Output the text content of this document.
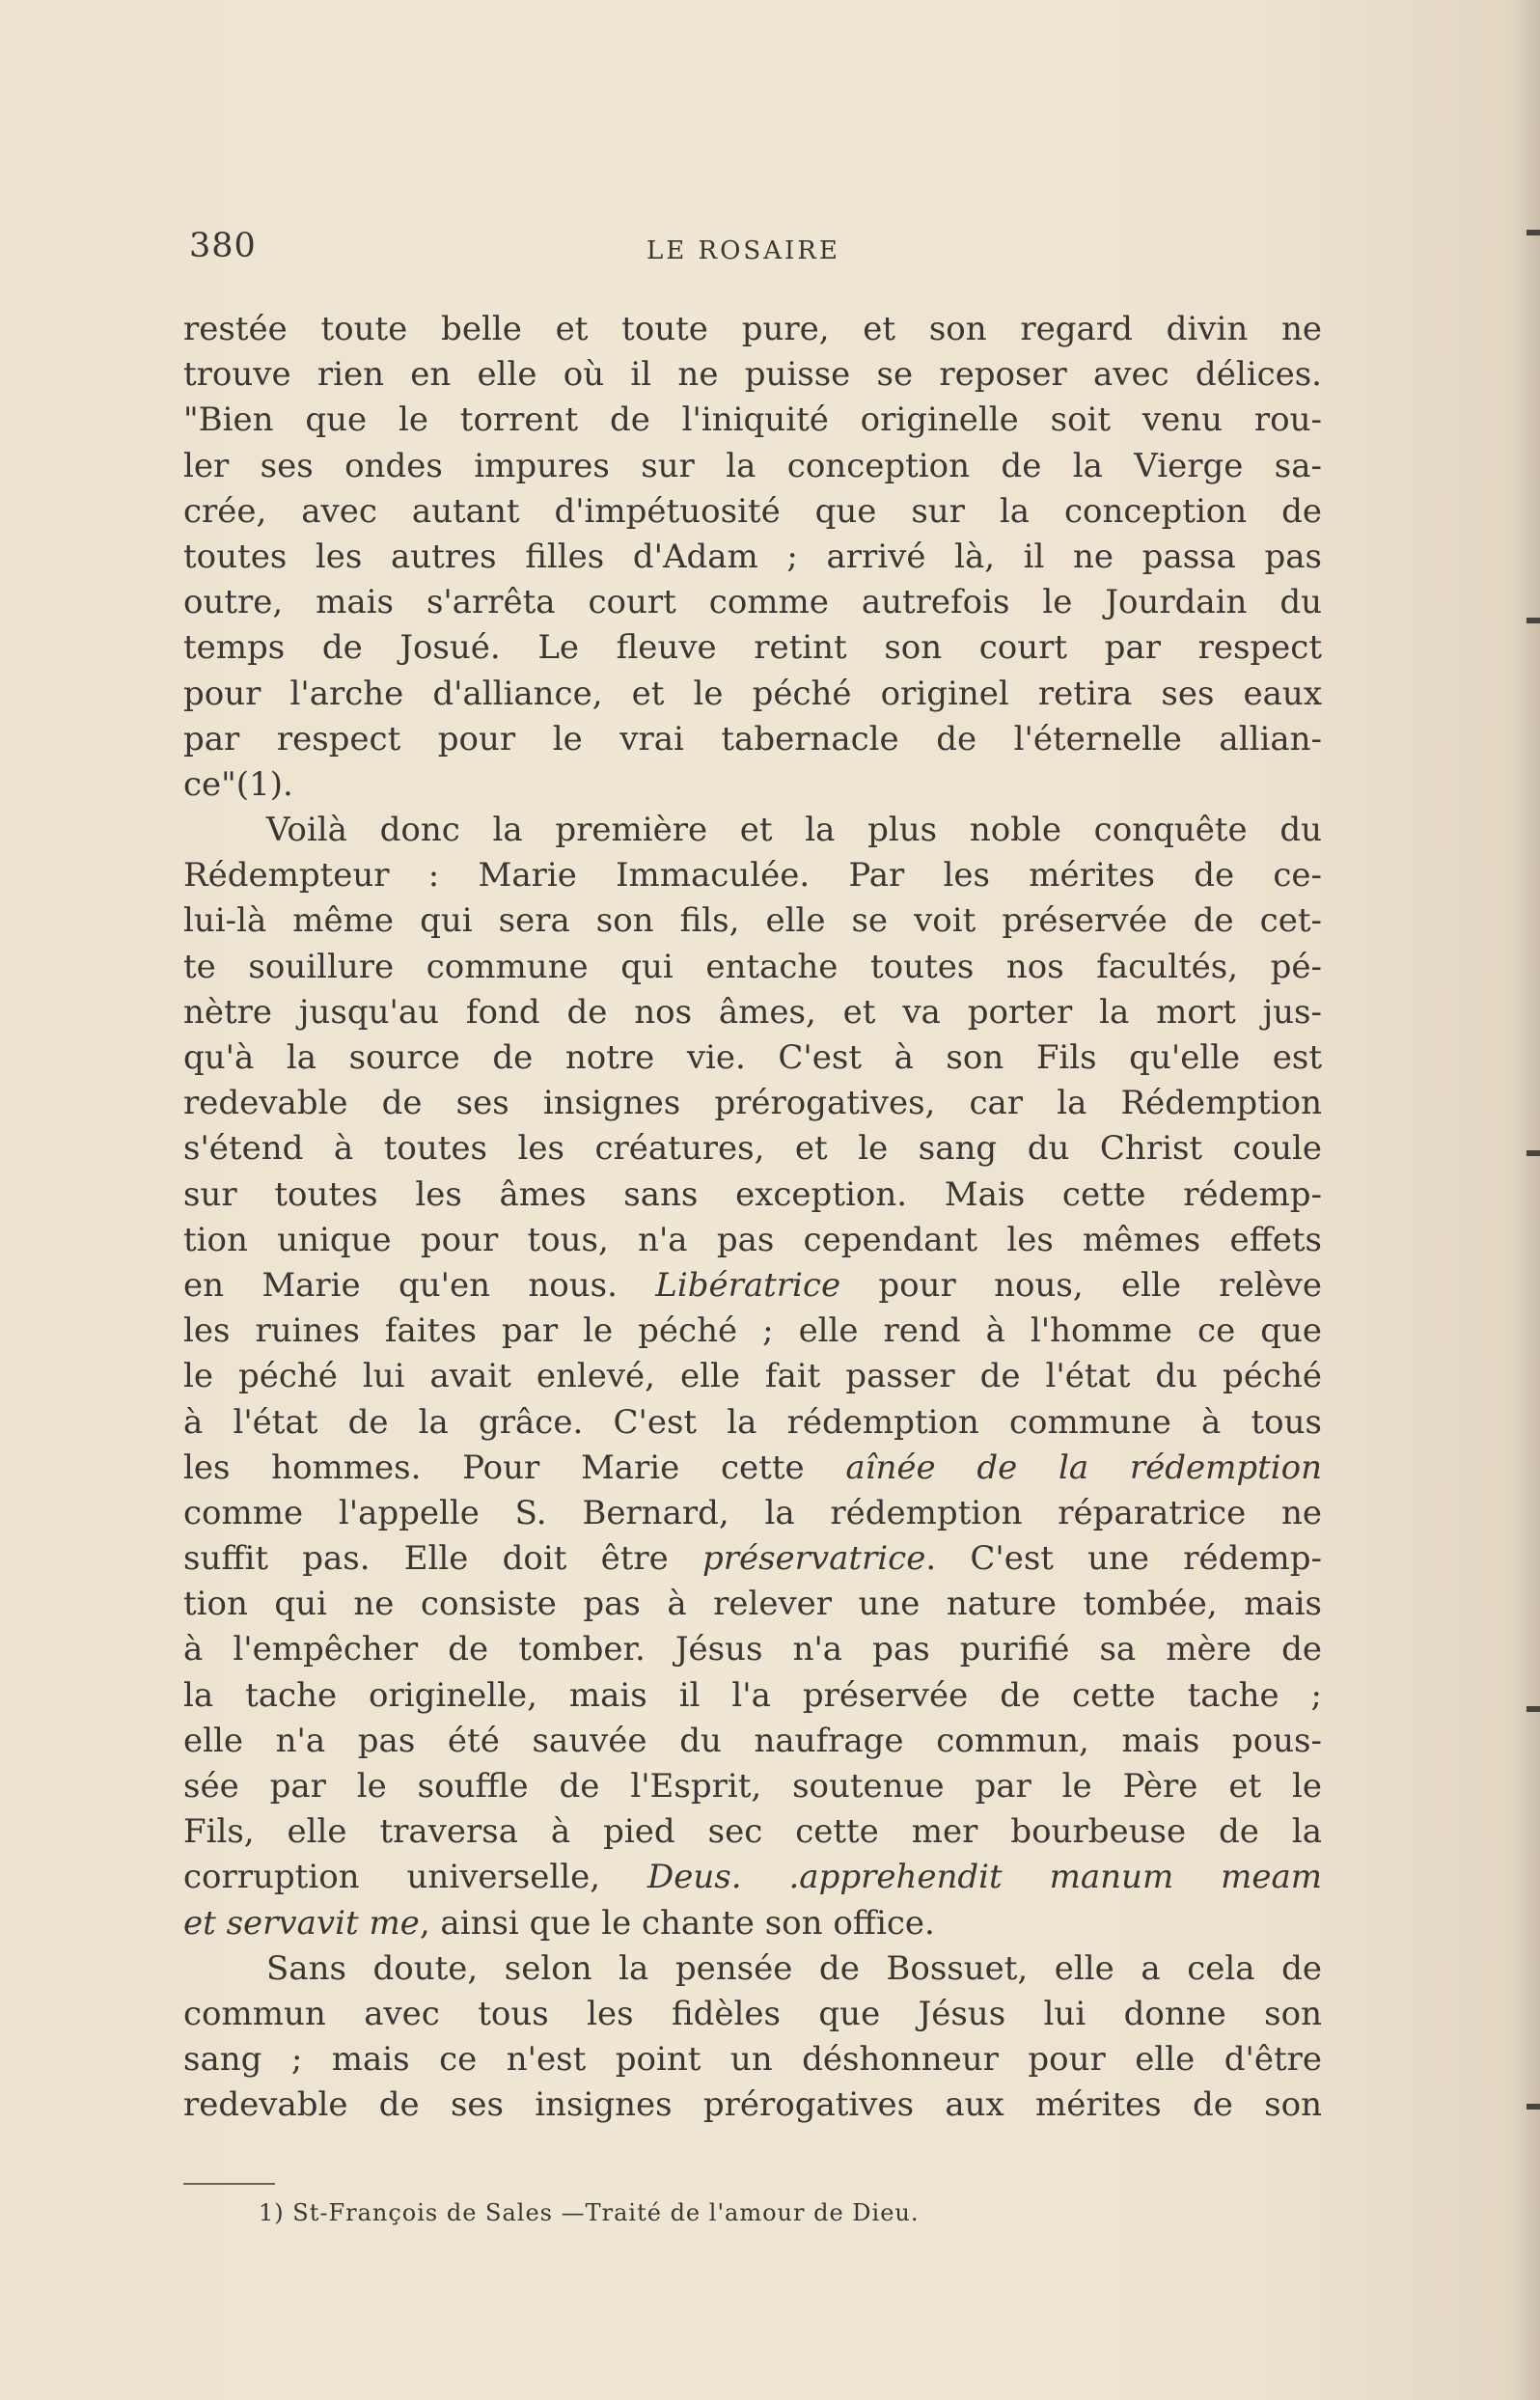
380	LE ROSAIRE
restée toute belle et toute pure, et son regard divin ne
trouve rien en elle où il ne puisse se reposer avec délices.
"Bien que le torrent de l'iniquité originelle soit venu rou-
ler ses ondes impures sur la conception de la Vierge sa-
crée, avec autant d'impétuosité que sur la conception de
toutes les autres filles d'Adam ; arrivé là, il ne passa pas
outre, mais s'arrêta court comme autrefois le Jourdain du
temps de Josué. Le fleuve retint son court par respect
pour l'arche d'alliance, et le péché originel retira ses eaux
par respect pour le vrai tabernacle de l'éternelle allian-
ce"(1).
Voilà donc la première et la plus noble conquête du
Rédempteur : Marie Immaculée. Par les mérites de ce-
lui-là même qui sera son fils, elle se voit préservée de cet-
te souillure commune qui entache toutes nos facultés, pé-
nètre jusqu'au fond de nos âmes, et va porter la mort jus-
qu'à la source de notre vie. C'est à son Fils qu'elle est
redevable de ses insignes prérogatives, car la Rédemption
s'étend à toutes les créatures, et le sang du Christ coule
sur toutes les âmes sans exception. Mais cette rédemp-
tion unique pour tous, n'a pas cependant les mêmes effets
en Marie qu'en nous. Libératrice pour nous, elle relève
les ruines faites par le péché ; elle rend à l'homme ce que
le péché lui avait enlevé, elle fait passer de l'état du péché
à l'état de la grâce. C'est la rédemption commune à tous
les hommes. Pour Marie cette aînée de la rédemption
comme l'appelle S. Bernard, la rédemption réparatrice ne
suffit pas. Elle doit être préservatrice. C'est une rédemp-
tion qui ne consiste pas à relever une nature tombée, mais
à l'empêcher de tomber. Jésus n'a pas purifié sa mère de
la tache originelle, mais il l'a préservée de cette tache ;
elle n'a pas été sauvée du naufrage commun, mais pous-
sée par le souffle de l'Esprit, soutenue par le Père et le
Fils, elle traversa à pied sec cette mer bourbeuse de la
corruption universelle, Deus. .apprehendit manum meam
et servavit me, ainsi que le chante son office.
Sans doute, selon la pensée de Bossuet, elle a cela de
commun avec tous les fidèles que Jésus lui donne son
sang ; mais ce n'est point un déshonneur pour elle d'être
redevable de ses insignes prérogatives aux mérites de son
1) St-François de Sales —Traité de l'amour de Dieu.
